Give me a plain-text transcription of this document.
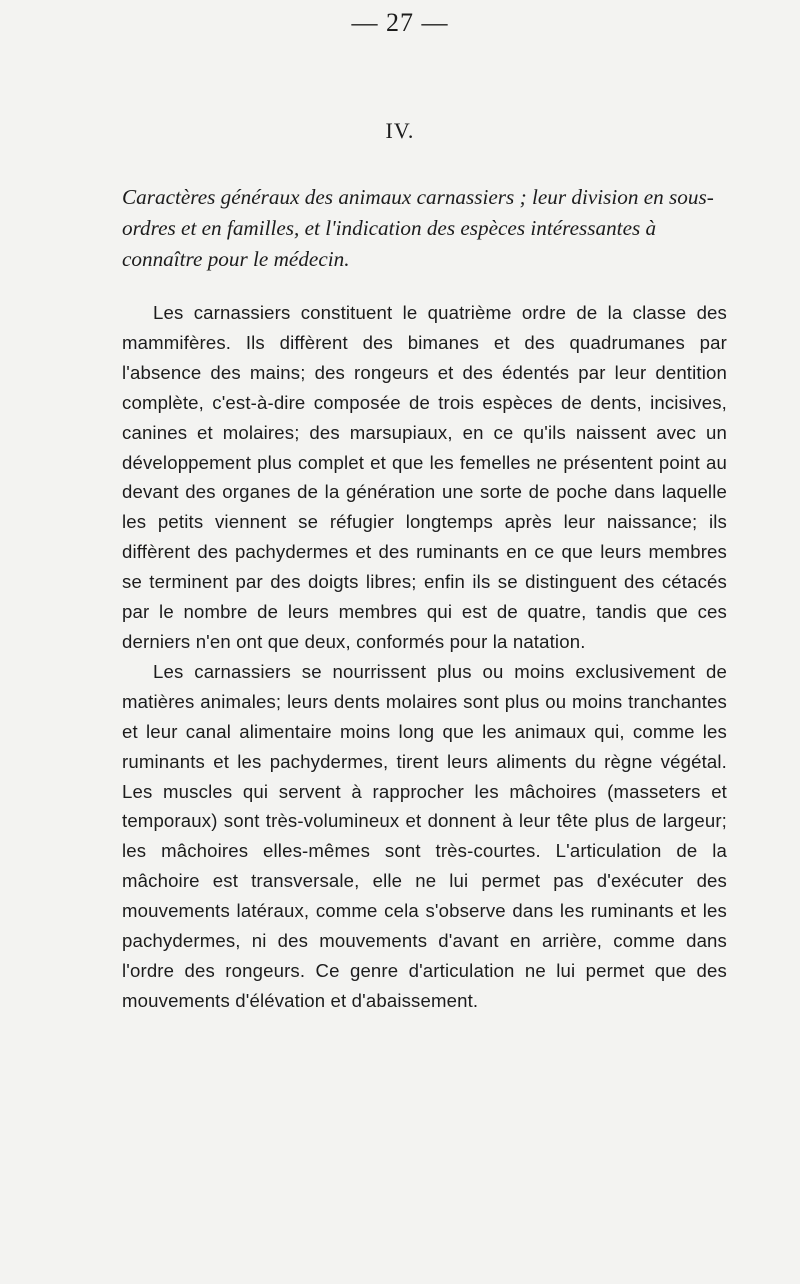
— 27 —
IV.
Caractères généraux des animaux carnassiers ; leur division en sous-ordres et en familles, et l'indication des espèces intéressantes à connaître pour le médecin.

Les carnassiers constituent le quatrième ordre de la classe des mammifères. Ils diffèrent des bimanes et des quadrumanes par l'absence des mains; des rongeurs et des édentés par leur dentition complète, c'est-à-dire composée de trois espèces de dents, incisives, canines et molaires; des marsupiaux, en ce qu'ils naissent avec un développement plus complet et que les femelles ne présentent point au devant des organes de la génération une sorte de poche dans laquelle les petits viennent se réfugier longtemps après leur naissance; ils diffèrent des pachydermes et des ruminants en ce que leurs membres se terminent par des doigts libres; enfin ils se distinguent des cétacés par le nombre de leurs membres qui est de quatre, tandis que ces derniers n'en ont que deux, conformés pour la natation.

Les carnassiers se nourrissent plus ou moins exclusivement de matières animales; leurs dents molaires sont plus ou moins tranchantes et leur canal alimentaire moins long que les animaux qui, comme les ruminants et les pachydermes, tirent leurs aliments du règne végétal. Les muscles qui servent à rapprocher les mâchoires (masseters et temporaux) sont très-volumineux et donnent à leur tête plus de largeur; les mâchoires elles-mêmes sont très-courtes. L'articulation de la mâchoire est transversale, elle ne lui permet pas d'exécuter des mouvements latéraux, comme cela s'observe dans les ruminants et les pachydermes, ni des mouvements d'avant en arrière, comme dans l'ordre des rongeurs. Ce genre d'articulation ne lui permet que des mouvements d'élévation et d'abaissement.
